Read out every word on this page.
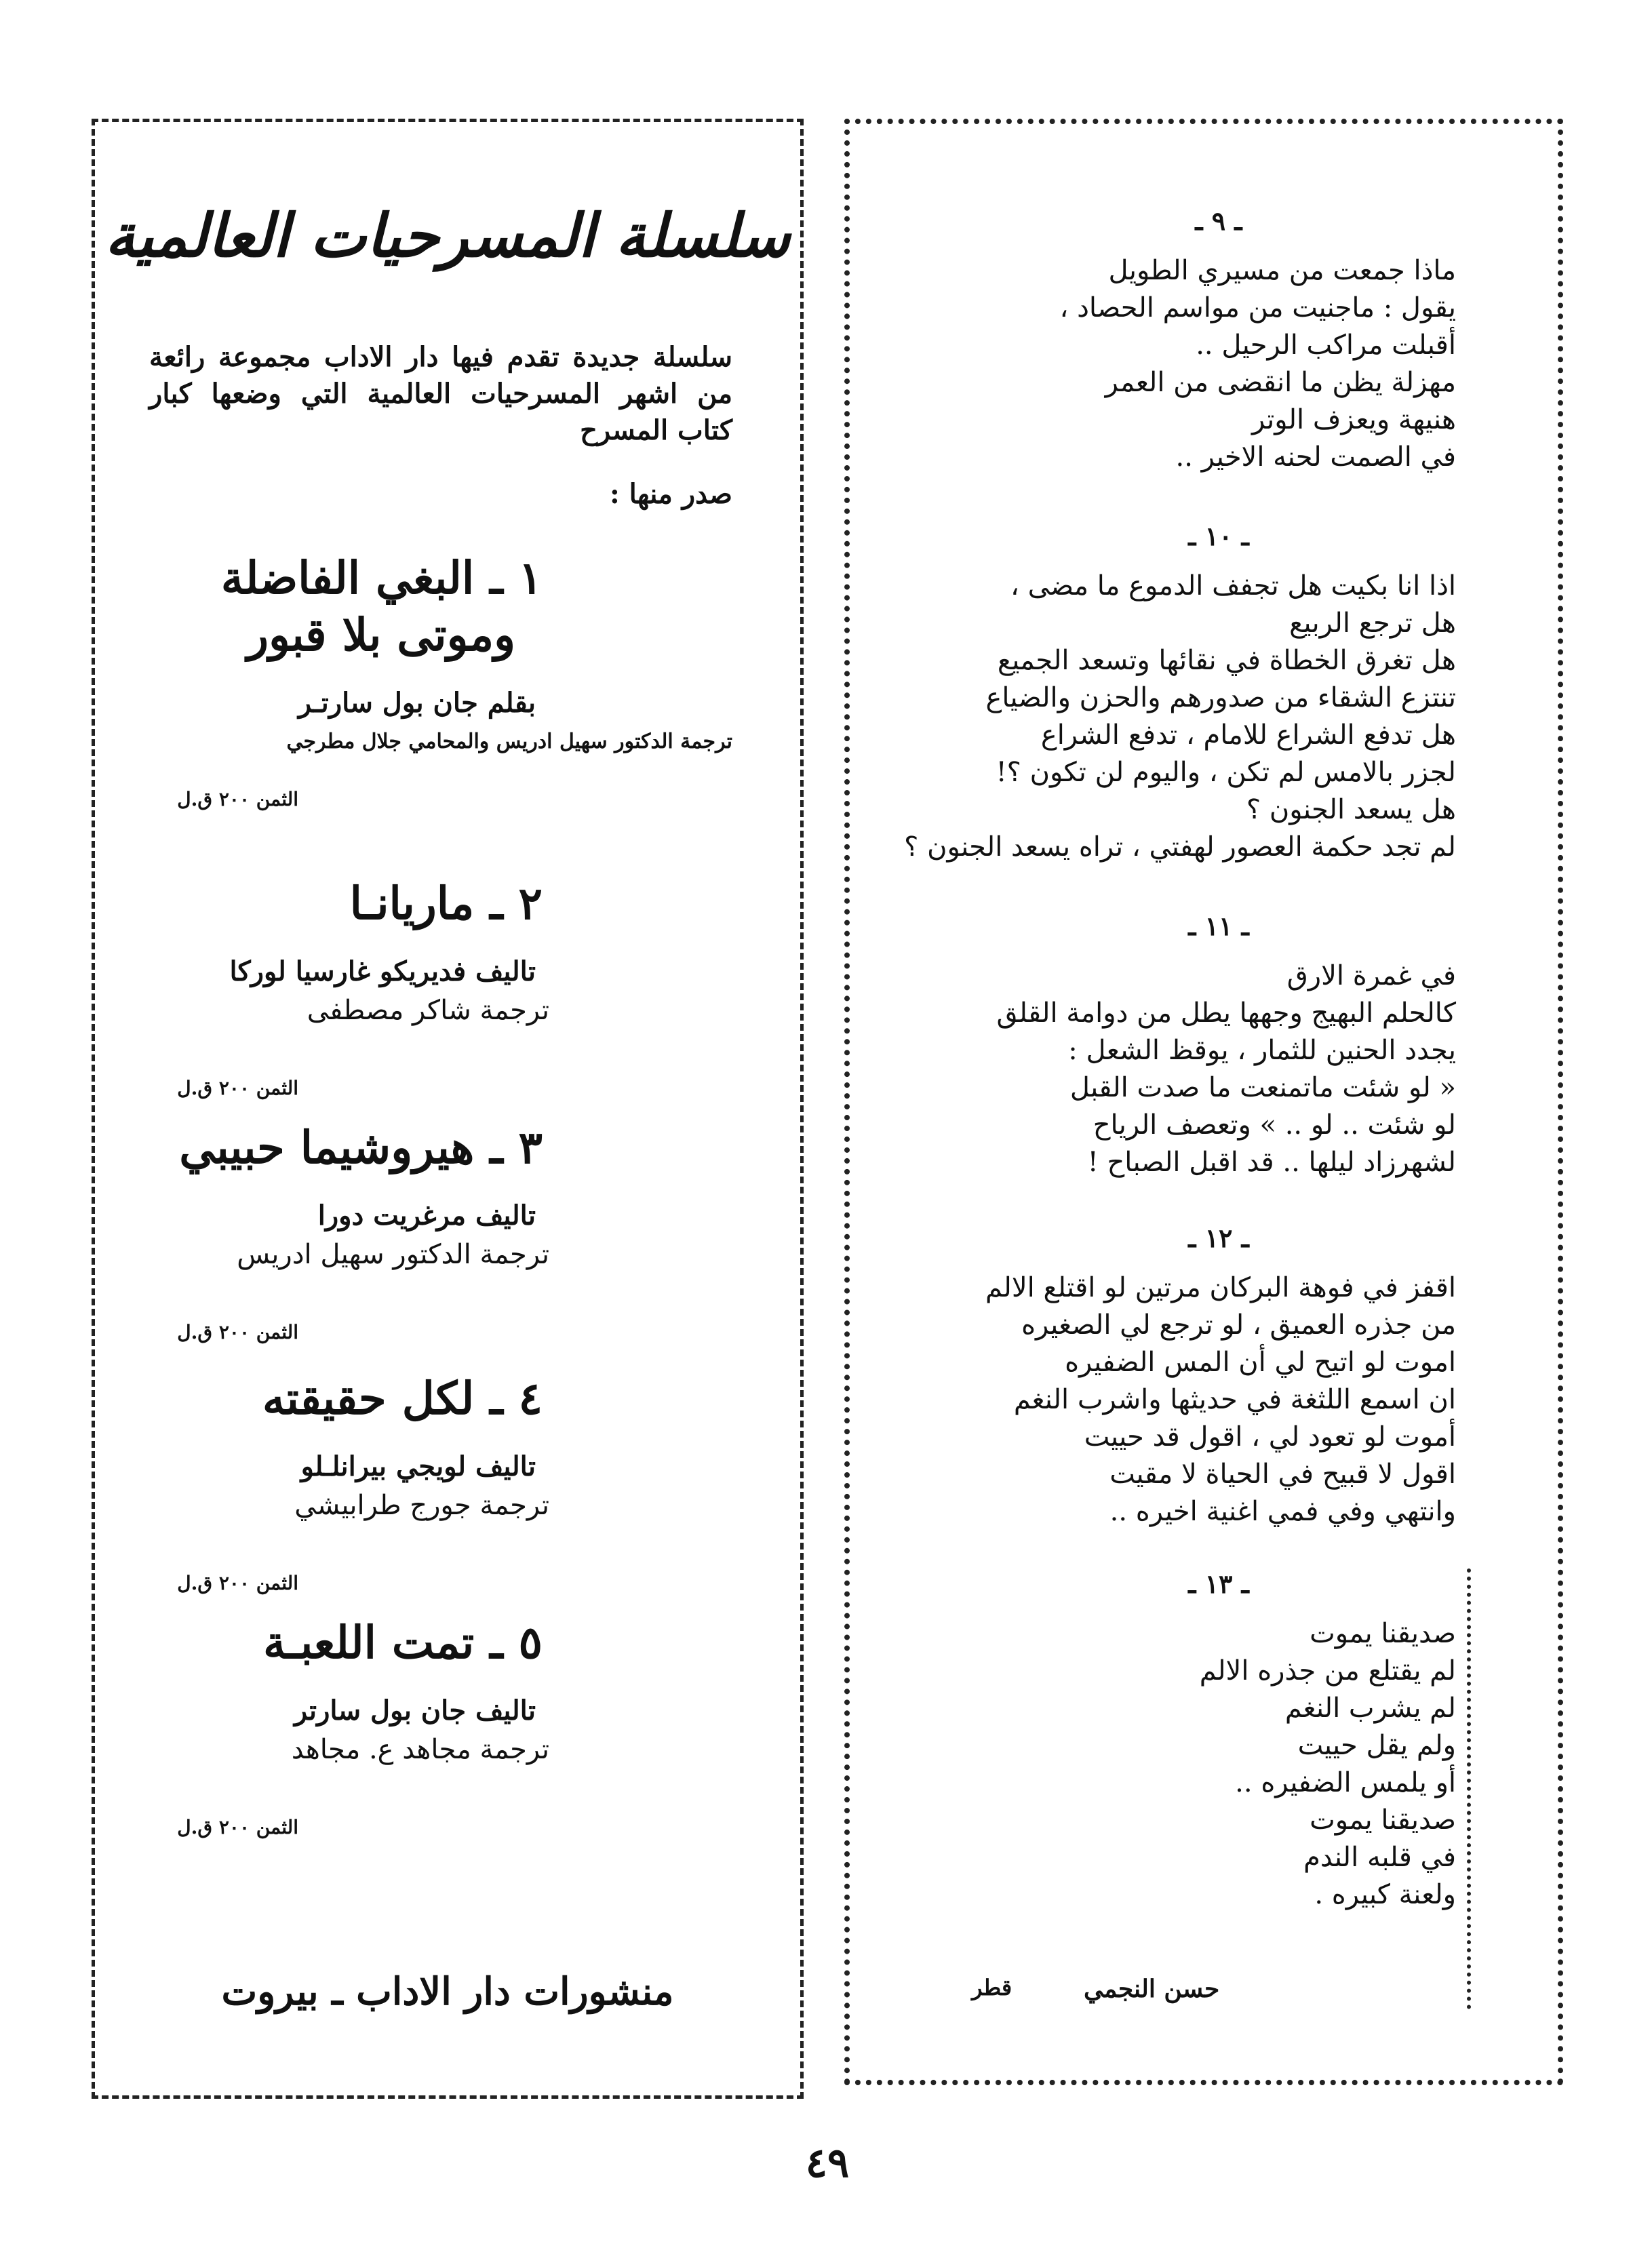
سلسلة المسرحيات العالمية
سلسلة جديدة تقدم فيها دار الاداب مجموعة رائعة من اشهر المسرحيات العالمية التي وضعها كبار كتاب المسرح
صدر منها :
١ ـ البغي الفاضلة
وموتى بلا قبور
بقلم جان بول سارتـر
ترجمة الدكتور سهيل ادريس والمحامي جلال مطرجي
الثمن ٢٠٠ ق.ل
٢ ـ ماريانـا
تاليف فديريكو غارسيا لوركا
ترجمة شاكر مصطفى
الثمن ٢٠٠ ق.ل
٣ ـ هيروشيما حبيبي
تاليف مرغريت دورا
ترجمة الدكتور سهيل ادريس
الثمن ٢٠٠ ق.ل
٤ ـ لكل حقيقته
تاليف لويجي بيرانلـلو
ترجمة جورج طرابيشي
الثمن ٢٠٠ ق.ل
٥ ـ تمت اللعبـة
تاليف جان بول سارتر
ترجمة مجاهد ع. مجاهد
الثمن ٢٠٠ ق.ل
منشورات دار الاداب ـ بيروت
ـ ٩ ـ
ماذا جمعت من مسيري الطويل
يقول : ماجنيت من مواسم الحصاد ،
أقبلت مراكب الرحيل ..
مهزلة يظن ما انقضى من العمر
هنيهة ويعزف الوتر
في الصمت لحنه الاخير ..
ـ ١٠ ـ
اذا انا بكيت هل تجفف الدموع ما مضى ،
هل ترجع الربيع
هل تغرق الخطاة في نقائها وتسعد الجميع
تنتزع الشقاء من صدورهم والحزن والضياع
هل تدفع الشراع للامام ، تدفع الشراع
لجزر بالامس لم تكن ، واليوم لن تكون ؟!
هل يسعد الجنون ؟
لم تجد حكمة العصور لهفتي ، تراه يسعد الجنون ؟
ـ ١١ ـ
في غمرة الارق
كالحلم البهيج وجهها يطل من دوامة القلق
يجدد الحنين للثمار ، يوقظ الشعل :
« لو شئت ماتمنعت ما صدت القبل
لو شئت .. لو .. » وتعصف الرياح
لشهرزاد ليلها .. قد اقبل الصباح !
ـ ١٢ ـ
اقفز في فوهة البركان مرتين لو اقتلع الالم
من جذره العميق ، لو ترجع لي الصغيره
اموت لو اتيح لي أن المس الضفيره
ان اسمع اللثغة في حديثها واشرب النغم
أموت لو تعود لي ، اقول قد حييت
اقول لا قبيح في الحياة لا مقيت
وانتهي وفي فمي اغنية اخيره ..
ـ ١٣ ـ
صديقنا يموت
لم يقتلع من جذره الالم
لم يشرب النغم
ولم يقل حييت
أو يلمس الضفيره ..
صديقنا يموت
في قلبه الندم
ولعنة كبيره .
حسن النجمي
قطر
٤٩
